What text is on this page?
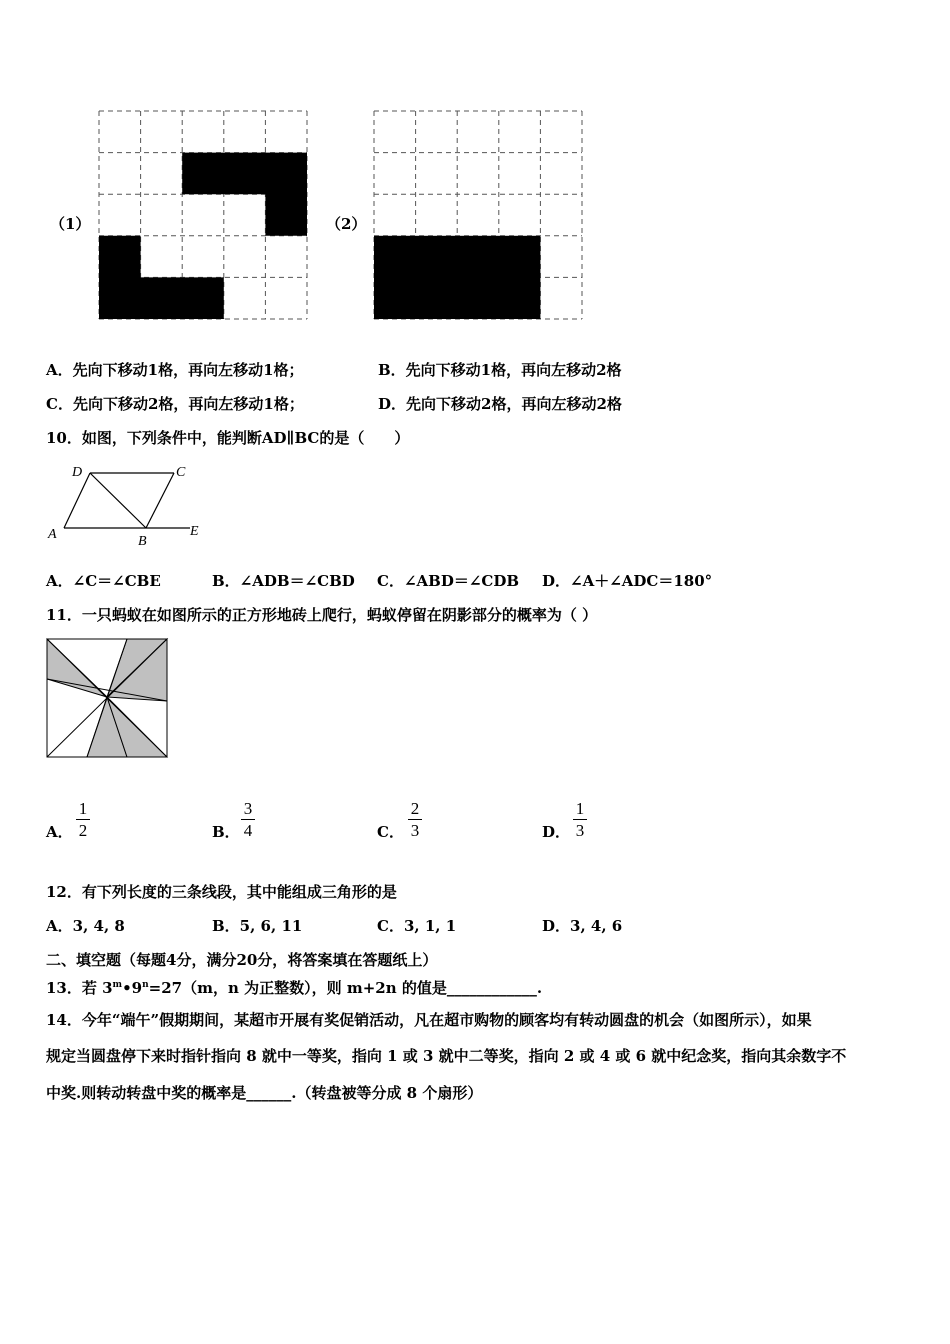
（1）	（2）
A．先向下移动1格，再向左移动1格；	B．先向下移动1格，再向左移动2格
C．先向下移动2格，再向左移动1格；	D．先向下移动2格，再向左移动2格
10．如图，下列条件中，能判断AD∥BC的是（　　）
D	C
A	B
E
A．∠C＝∠CBE	B．∠ADB＝∠CBD C．∠ABD＝∠CDB D．∠A＋∠ADC＝180°
11．一只蚂蚁在如图所示的正方形地砖上爬行，蚂蚁停留在阴影部分的概率为（ ）
A．
1
2	B．
3
4	C．
2
3	D．
1
3
12．有下列长度的三条线段，其中能组成三角形的是
A．3, 4, 8	B．5, 6, 11	C．3, 1, 1	D．3, 4, 6
二、填空题（每题4分，满分20分，将答案填在答题纸上）
13．若 $3^m•9^n=27(m$，n 为正整数），则 m+2n 的值是____________.
14．今年“端午”假期期间，某超市开展有奖促销活动，凡在超市购物的顾客均有转动圆盘的机会（如图所示），如果
规定当圆盘停下来时指针指向 8 就中一等奖，指向 1 或 3 就中二等奖，指向 2 或 4 或 6 就中纪念奖，指向其余数字不
中奖.则转动转盘中奖的概率是______.（转盘被等分成 8 个扇形）
